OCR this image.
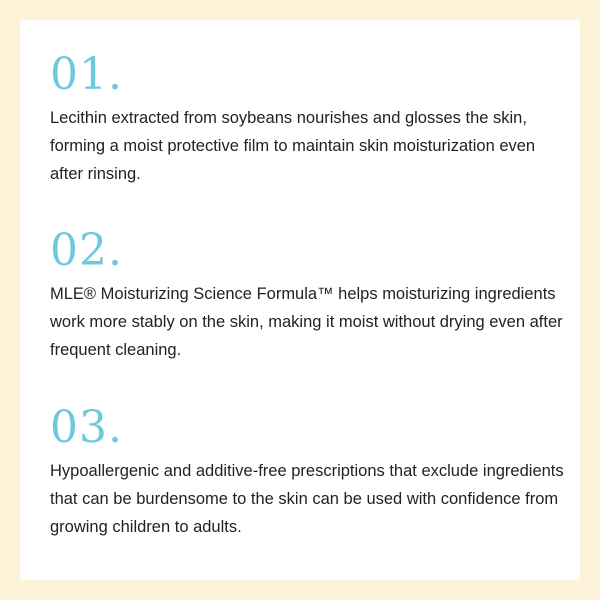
01.
Lecithin extracted from soybeans nourishes and glosses the skin, forming a moist protective film to maintain skin moisturization even after rinsing.
02.
MLE® Moisturizing Science Formula™ helps moisturizing ingredients work more stably on the skin, making it moist without drying even after frequent cleaning.
03.
Hypoallergenic and additive-free prescriptions that exclude ingredients that can be burdensome to the skin can be used with confidence from growing children to adults.
